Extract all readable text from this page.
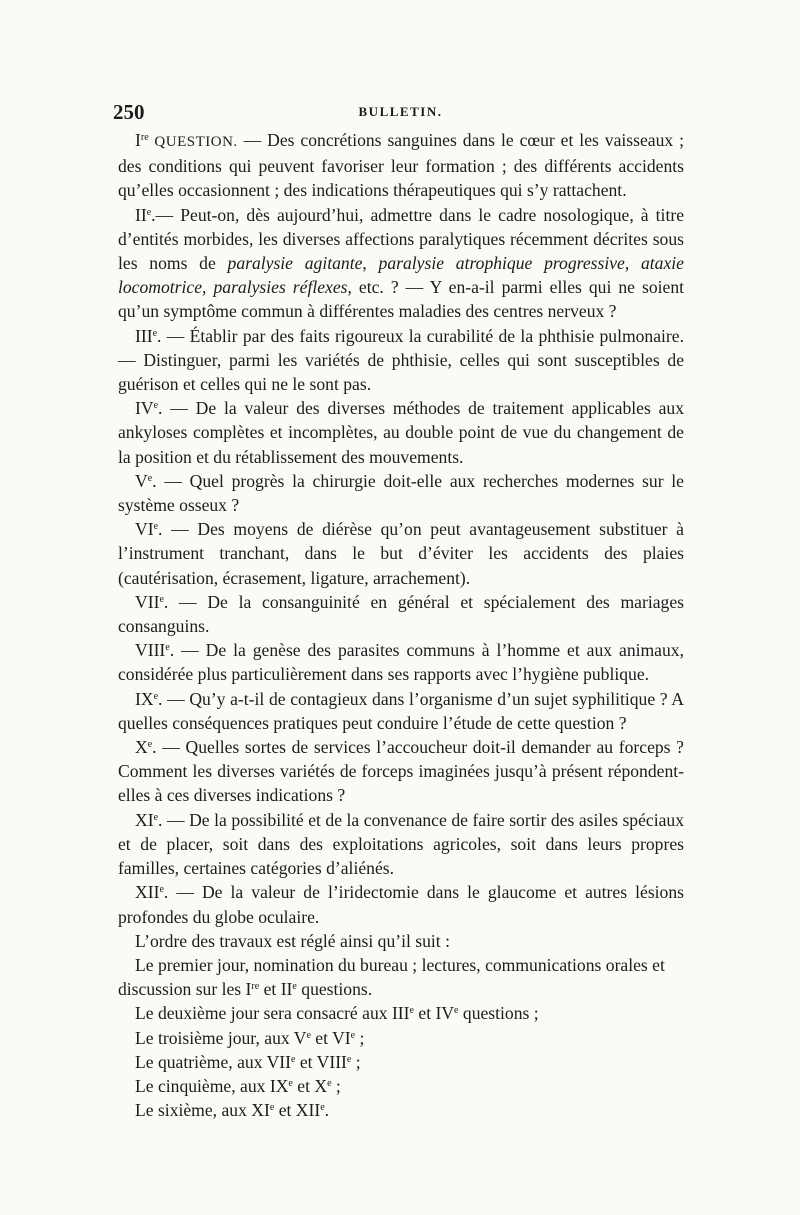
250	BULLETIN.

Ire QUESTION. — Des concrétions sanguines dans le cœur et les vaisseaux ; des conditions qui peuvent favoriser leur formation ; des différents accidents qu’elles occasionnent ; des indications thérapeutiques qui s’y rattachent.

IIe.— Peut-on, dès aujourd’hui, admettre dans le cadre nosologique, à titre d’entités morbides, les diverses affections paralytiques récemment décrites sous les noms de paralysie agitante, paralysie atrophique progressive, ataxie locomotrice, paralysies réflexes, etc. ? — Y en-a-il parmi elles qui ne soient qu’un symptôme commun à différentes maladies des centres nerveux ?

IIIe. — Établir par des faits rigoureux la curabilité de la phthisie pulmonaire. — Distinguer, parmi les variétés de phthisie, celles qui sont susceptibles de guérison et celles qui ne le sont pas.

IVe. — De la valeur des diverses méthodes de traitement applicables aux ankyloses complètes et incomplètes, au double point de vue du changement de la position et du rétablissement des mouvements.

Ve. — Quel progrès la chirurgie doit-elle aux recherches modernes sur le système osseux ?

VIe. — Des moyens de diérèse qu’on peut avantageusement substituer à l’instrument tranchant, dans le but d’éviter les accidents des plaies (cautérisation, écrasement, ligature, arrachement).

VIIe. — De la consanguinité en général et spécialement des mariages consanguins.

VIIIe. — De la genèse des parasites communs à l’homme et aux animaux, considérée plus particulièrement dans ses rapports avec l’hygiène publique.

IXe. — Qu’y a-t-il de contagieux dans l’organisme d’un sujet syphilitique ? A quelles conséquences pratiques peut conduire l’étude de cette question ?

Xe. — Quelles sortes de services l’accoucheur doit-il demander au forceps ? Comment les diverses variétés de forceps imaginées jusqu’à présent répondent-elles à ces diverses indications ?

XIe. — De la possibilité et de la convenance de faire sortir des asiles spéciaux et de placer, soit dans des exploitations agricoles, soit dans leurs propres familles, certaines catégories d’aliénés.

XIIe. — De la valeur de l’iridectomie dans le glaucome et autres lésions profondes du globe oculaire.

L’ordre des travaux est réglé ainsi qu’il suit :

Le premier jour, nomination du bureau ; lectures, communications orales et discussion sur les Ire et IIe questions.

Le deuxième jour sera consacré aux IIIe et IVe questions ;

Le troisième jour, aux Ve et VIe ;

Le quatrième, aux VIIe et VIIIe ;

Le cinquième, aux IXe et Xe ;

Le sixième, aux XIe et XIIe.
